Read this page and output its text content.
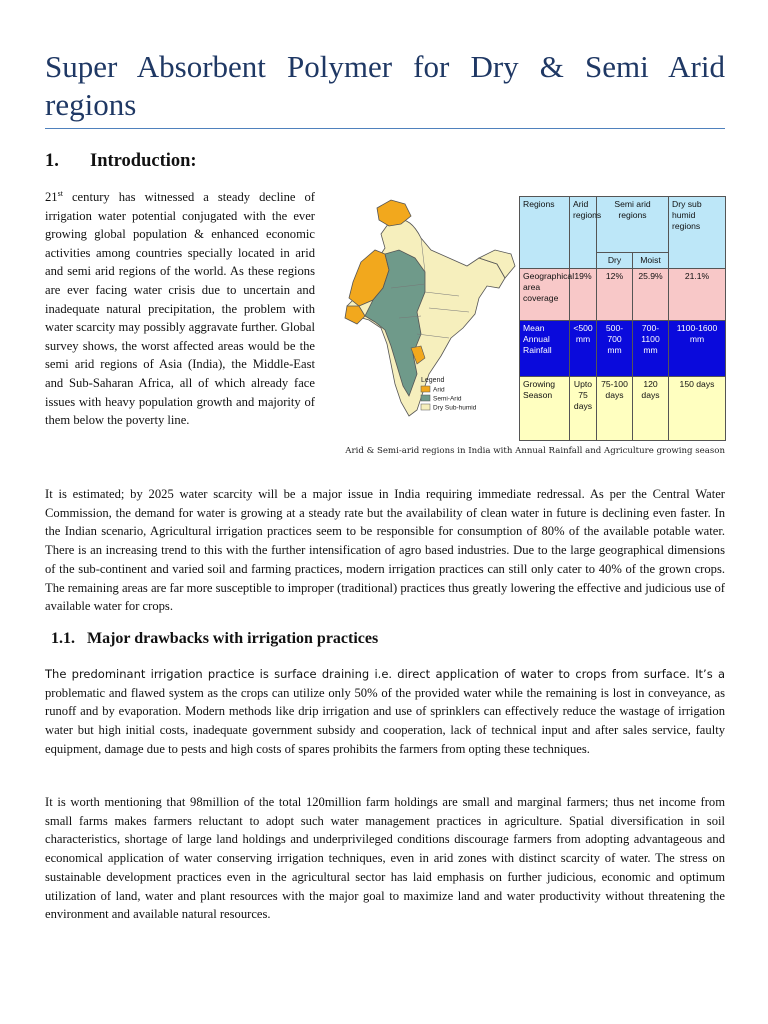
Super Absorbent Polymer for Dry & Semi Arid regions
1. Introduction:

21st century has witnessed a steady decline of irrigation water potential conjugated with the ever growing global population & enhanced economic activities among countries specially located in arid and semi arid regions of the world. As these regions are ever facing water crisis due to uncertain and inadequate natural precipitation, the problem with water scarcity may possibly aggravate further. Global survey shows, the worst affected areas would be the semi arid regions of Asia (India), the Middle-East and Sub-Saharan Africa, all of which already face issues with heavy population growth and majority of them below the poverty line.

Legend
Arid
Semi-Arid
Dry Sub-humid
Regions	Arid regions	Semi arid regions		Dry sub humid regions
		Dry	Moist	
Geographical area coverage	19%	12%	25.9%	21.1%
Mean Annual Rainfall	<500 mm	500-700 mm	700-1100 mm	1100-1600 mm
Growing Season	Upto 75 days	75-100 days	120 days	150 days
Arid & Semi-arid regions in India with Annual Rainfall and Agriculture growing season

It is estimated; by 2025 water scarcity will be a major issue in India requiring immediate redressal. As per the Central Water Commission, the demand for water is growing at a steady rate but the availability of clean water in future is declining even faster. In the Indian scenario, Agricultural irrigation practices seem to be responsible for consumption of 80% of the available potable water. There is an increasing trend to this with the further intensification of agro based industries. Due to the large geographical dimensions of the sub-continent and varied soil and farming practices, modern irrigation practices can still only cater to 40% of the grown crops. The remaining areas are far more susceptible to improper (traditional) practices thus greatly lowering the effective and judicious use of available water for crops.

1.1. Major drawbacks with irrigation practices

The predominant irrigation practice is surface draining i.e. direct application of water to crops from surface. It’s a problematic and flawed system as the crops can utilize only 50% of the provided water while the remaining is lost in conveyance, as runoff and by evaporation. Modern methods like drip irrigation and use of sprinklers can effectively reduce the wastage of irrigation water but high initial costs, inadequate government subsidy and cooperation, lack of technical input and after sales service, faulty equipment, damage due to pests and high costs of spares prohibits the farmers from opting these techniques.

It is worth mentioning that 98million of the total 120million farm holdings are small and marginal farmers; thus net income from small farms makes farmers reluctant to adopt such water management practices in agriculture. Spatial diversification in soil characteristics, shortage of large land holdings and underprivileged conditions discourage farmers from adopting advantageous and economical application of water conserving irrigation techniques, even in arid zones with distinct scarcity of water. The stress on sustainable development practices even in the agricultural sector has laid emphasis on further judicious, economic and optimum utilization of land, water and plant resources with the major goal to maximize land and water productivity without threatening the environment and available natural resources.
